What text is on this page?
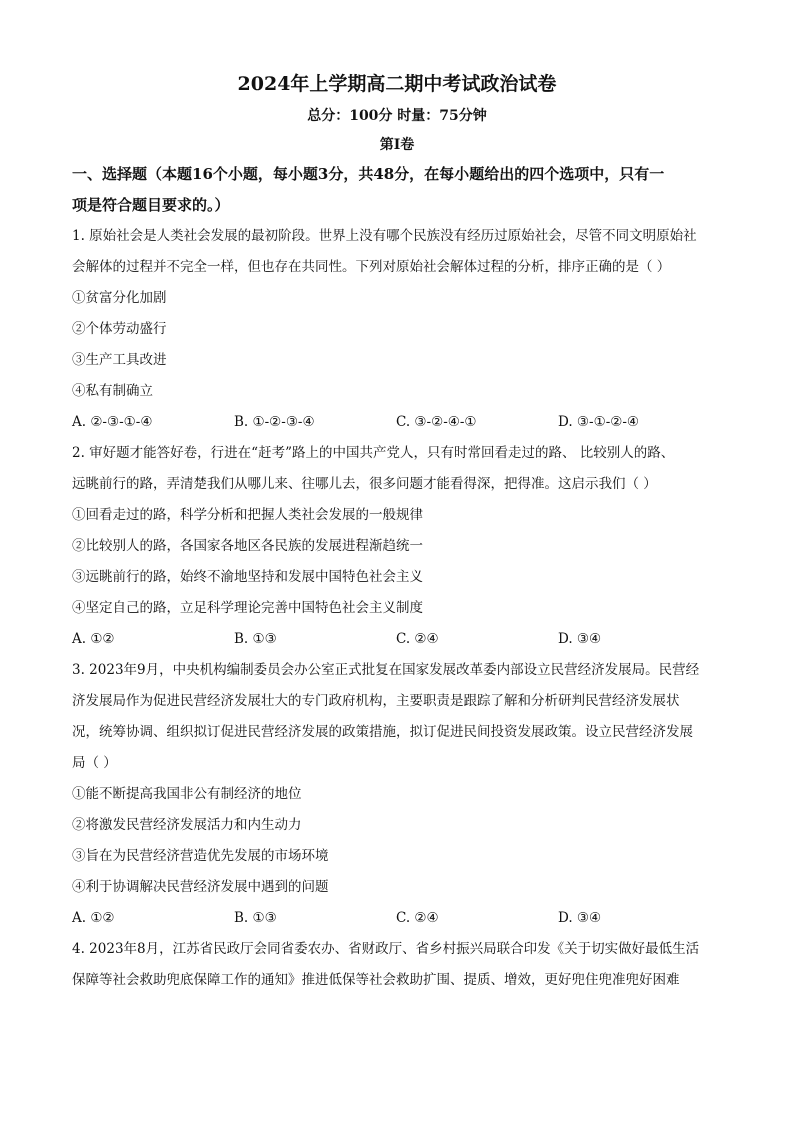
2024年上学期高二期中考试政治试卷
总分：100分 时量：75分钟
第Ⅰ卷
一、选择题（本题16个小题，每小题3分，共48分，在每小题给出的四个选项中，只有一
项是符合题目要求的。）
1. 原始社会是人类社会发展的最初阶段。世界上没有哪个民族没有经历过原始社会，尽管不同文明原始社
会解体的过程并不完全一样，但也存在共同性。下列对原始社会解体过程的分析，排序正确的是（ ）
①贫富分化加剧
②个体劳动盛行
③生产工具改进
④私有制确立
A. ②-③-①-④	B. ①-②-③-④	C. ③-②-④-①	D. ③-①-②-④
2. 审好题才能答好卷，行进在“赶考”路上的中国共产党人，只有时常回看走过的路、 比较别人的路、
远眺前行的路，弄清楚我们从哪儿来、往哪儿去，很多问题才能看得深，把得准。这启示我们（ ）
①回看走过的路，科学分析和把握人类社会发展的一般规律
②比较别人的路，各国家各地区各民族的发展进程渐趋统一
③远眺前行的路，始终不渝地坚持和发展中国特色社会主义
④坚定自己的路，立足科学理论完善中国特色社会主义制度
A. ①②	B. ①③	C. ②④	D. ③④
3. 2023年9月，中央机构编制委员会办公室正式批复在国家发展改革委内部设立民营经济发展局。民营经
济发展局作为促进民营经济发展壮大的专门政府机构，主要职责是跟踪了解和分析研判民营经济发展状
况，统筹协调、组织拟订促进民营经济发展的政策措施，拟订促进民间投资发展政策。设立民营经济发展
局（ ）
①能不断提高我国非公有制经济的地位
②将激发民营经济发展活力和内生动力
③旨在为民营经济营造优先发展的市场环境
④利于协调解决民营经济发展中遇到的问题
A. ①②	B. ①③	C. ②④	D. ③④
4. 2023年8月，江苏省民政厅会同省委农办、省财政厅、省乡村振兴局联合印发《关于切实做好最低生活
保障等社会救助兜底保障工作的通知》推进低保等社会救助扩围、提质、增效，更好兜住兜准兜好困难
